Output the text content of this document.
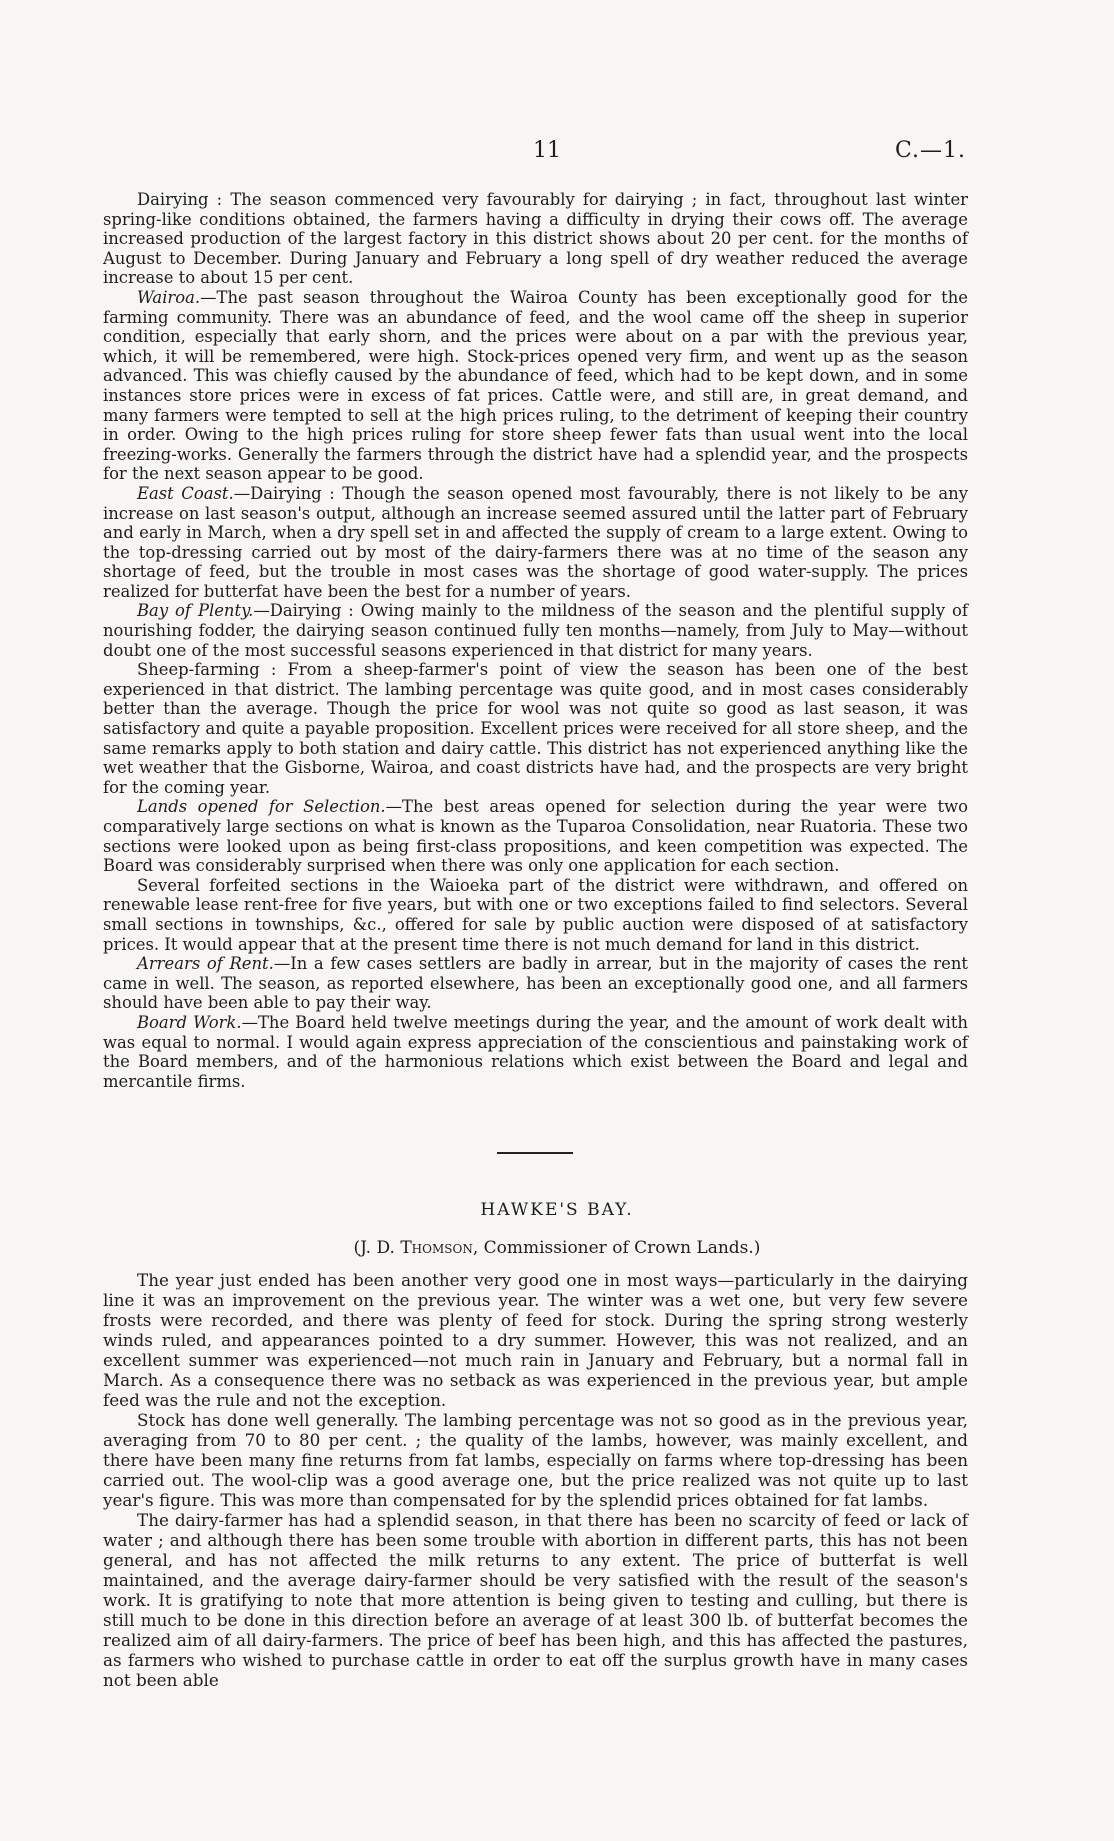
11	C.—1.

Dairying : The season commenced very favourably for dairying ; in fact, throughout last winter spring-like conditions obtained, the farmers having a difficulty in drying their cows off. The average increased production of the largest factory in this district shows about 20 per cent. for the months of August to December. During January and February a long spell of dry weather reduced the average increase to about 15 per cent.

Wairoa.—The past season throughout the Wairoa County has been exceptionally good for the farming community. There was an abundance of feed, and the wool came off the sheep in superior condition, especially that early shorn, and the prices were about on a par with the previous year, which, it will be remembered, were high. Stock-prices opened very firm, and went up as the season advanced. This was chiefly caused by the abundance of feed, which had to be kept down, and in some instances store prices were in excess of fat prices. Cattle were, and still are, in great demand, and many farmers were tempted to sell at the high prices ruling, to the detriment of keeping their country in order. Owing to the high prices ruling for store sheep fewer fats than usual went into the local freezing-works. Generally the farmers through the district have had a splendid year, and the prospects for the next season appear to be good.

East Coast.—Dairying : Though the season opened most favourably, there is not likely to be any increase on last season's output, although an increase seemed assured until the latter part of February and early in March, when a dry spell set in and affected the supply of cream to a large extent. Owing to the top-dressing carried out by most of the dairy-farmers there was at no time of the season any shortage of feed, but the trouble in most cases was the shortage of good water-supply. The prices realized for butterfat have been the best for a number of years.

Bay of Plenty.—Dairying : Owing mainly to the mildness of the season and the plentiful supply of nourishing fodder, the dairying season continued fully ten months—namely, from July to May—without doubt one of the most successful seasons experienced in that district for many years.

Sheep-farming : From a sheep-farmer's point of view the season has been one of the best experienced in that district. The lambing percentage was quite good, and in most cases considerably better than the average. Though the price for wool was not quite so good as last season, it was satisfactory and quite a payable proposition. Excellent prices were received for all store sheep, and the same remarks apply to both station and dairy cattle. This district has not experienced anything like the wet weather that the Gisborne, Wairoa, and coast districts have had, and the prospects are very bright for the coming year.

Lands opened for Selection.—The best areas opened for selection during the year were two comparatively large sections on what is known as the Tuparoa Consolidation, near Ruatoria. These two sections were looked upon as being first-class propositions, and keen competition was expected. The Board was considerably surprised when there was only one application for each section.

Several forfeited sections in the Waioeka part of the district were withdrawn, and offered on renewable lease rent-free for five years, but with one or two exceptions failed to find selectors. Several small sections in townships, &c., offered for sale by public auction were disposed of at satisfactory prices. It would appear that at the present time there is not much demand for land in this district.

Arrears of Rent.—In a few cases settlers are badly in arrear, but in the majority of cases the rent came in well. The season, as reported elsewhere, has been an exceptionally good one, and all farmers should have been able to pay their way.

Board Work.—The Board held twelve meetings during the year, and the amount of work dealt with was equal to normal. I would again express appreciation of the conscientious and painstaking work of the Board members, and of the harmonious relations which exist between the Board and legal and mercantile firms.

HAWKE'S BAY.
(J. D. Thomson, Commissioner of Crown Lands.)

The year just ended has been another very good one in most ways—particularly in the dairying line it was an improvement on the previous year. The winter was a wet one, but very few severe frosts were recorded, and there was plenty of feed for stock. During the spring strong westerly winds ruled, and appearances pointed to a dry summer. However, this was not realized, and an excellent summer was experienced—not much rain in January and February, but a normal fall in March. As a consequence there was no setback as was experienced in the previous year, but ample feed was the rule and not the exception.

Stock has done well generally. The lambing percentage was not so good as in the previous year, averaging from 70 to 80 per cent. ; the quality of the lambs, however, was mainly excellent, and there have been many fine returns from fat lambs, especially on farms where top-dressing has been carried out. The wool-clip was a good average one, but the price realized was not quite up to last year's figure. This was more than compensated for by the splendid prices obtained for fat lambs.

The dairy-farmer has had a splendid season, in that there has been no scarcity of feed or lack of water ; and although there has been some trouble with abortion in different parts, this has not been general, and has not affected the milk returns to any extent. The price of butterfat is well maintained, and the average dairy-farmer should be very satisfied with the result of the season's work. It is gratifying to note that more attention is being given to testing and culling, but there is still much to be done in this direction before an average of at least 300 lb. of butterfat becomes the realized aim of all dairy-farmers. The price of beef has been high, and this has affected the pastures, as farmers who wished to purchase cattle in order to eat off the surplus growth have in many cases not been able
